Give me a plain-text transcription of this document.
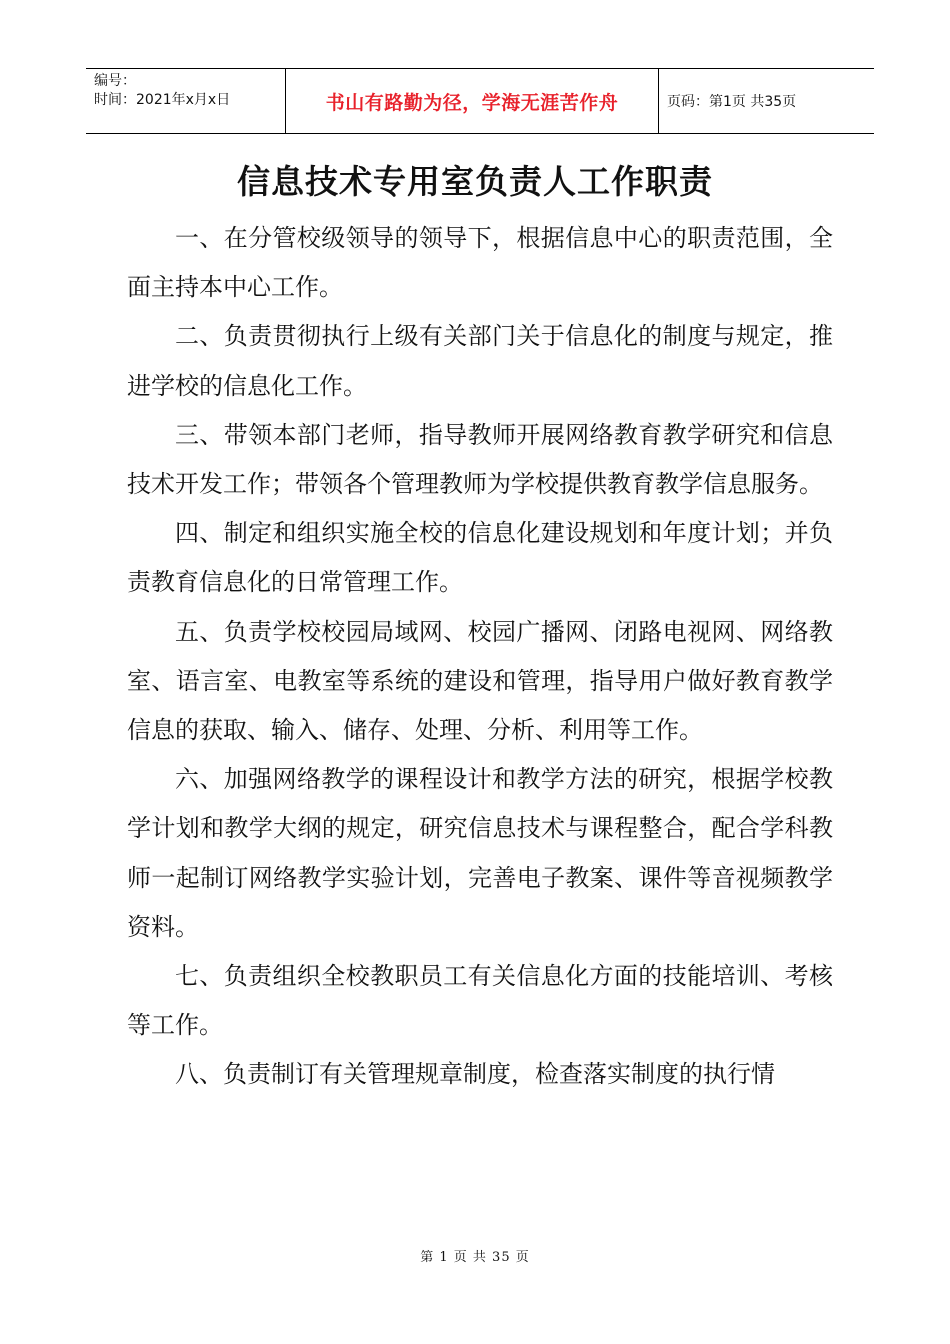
编号：
时间：2021年x月x日	书山有路勤为径，学海无涯苦作舟	页码：第1页 共35页
信息技术专用室负责人工作职责

一、在分管校级领导的领导下，根据信息中心的职责范围，全面主持本中心工作。

二、负责贯彻执行上级有关部门关于信息化的制度与规定，推进学校的信息化工作。

三、带领本部门老师，指导教师开展网络教育教学研究和信息技术开发工作；带领各个管理教师为学校提供教育教学信息服务。

四、制定和组织实施全校的信息化建设规划和年度计划；并负责教育信息化的日常管理工作。

五、负责学校校园局域网、校园广播网、闭路电视网、网络教室、语言室、电教室等系统的建设和管理，指导用户做好教育教学信息的获取、输入、储存、处理、分析、利用等工作。

六、加强网络教学的课程设计和教学方法的研究，根据学校教学计划和教学大纲的规定，研究信息技术与课程整合，配合学科教师一起制订网络教学实验计划，完善电子教案、课件等音视频教学资料。

七、负责组织全校教职员工有关信息化方面的技能培训、考核等工作。

八、负责制订有关管理规章制度，检查落实制度的执行情

第 1 页 共 35 页
